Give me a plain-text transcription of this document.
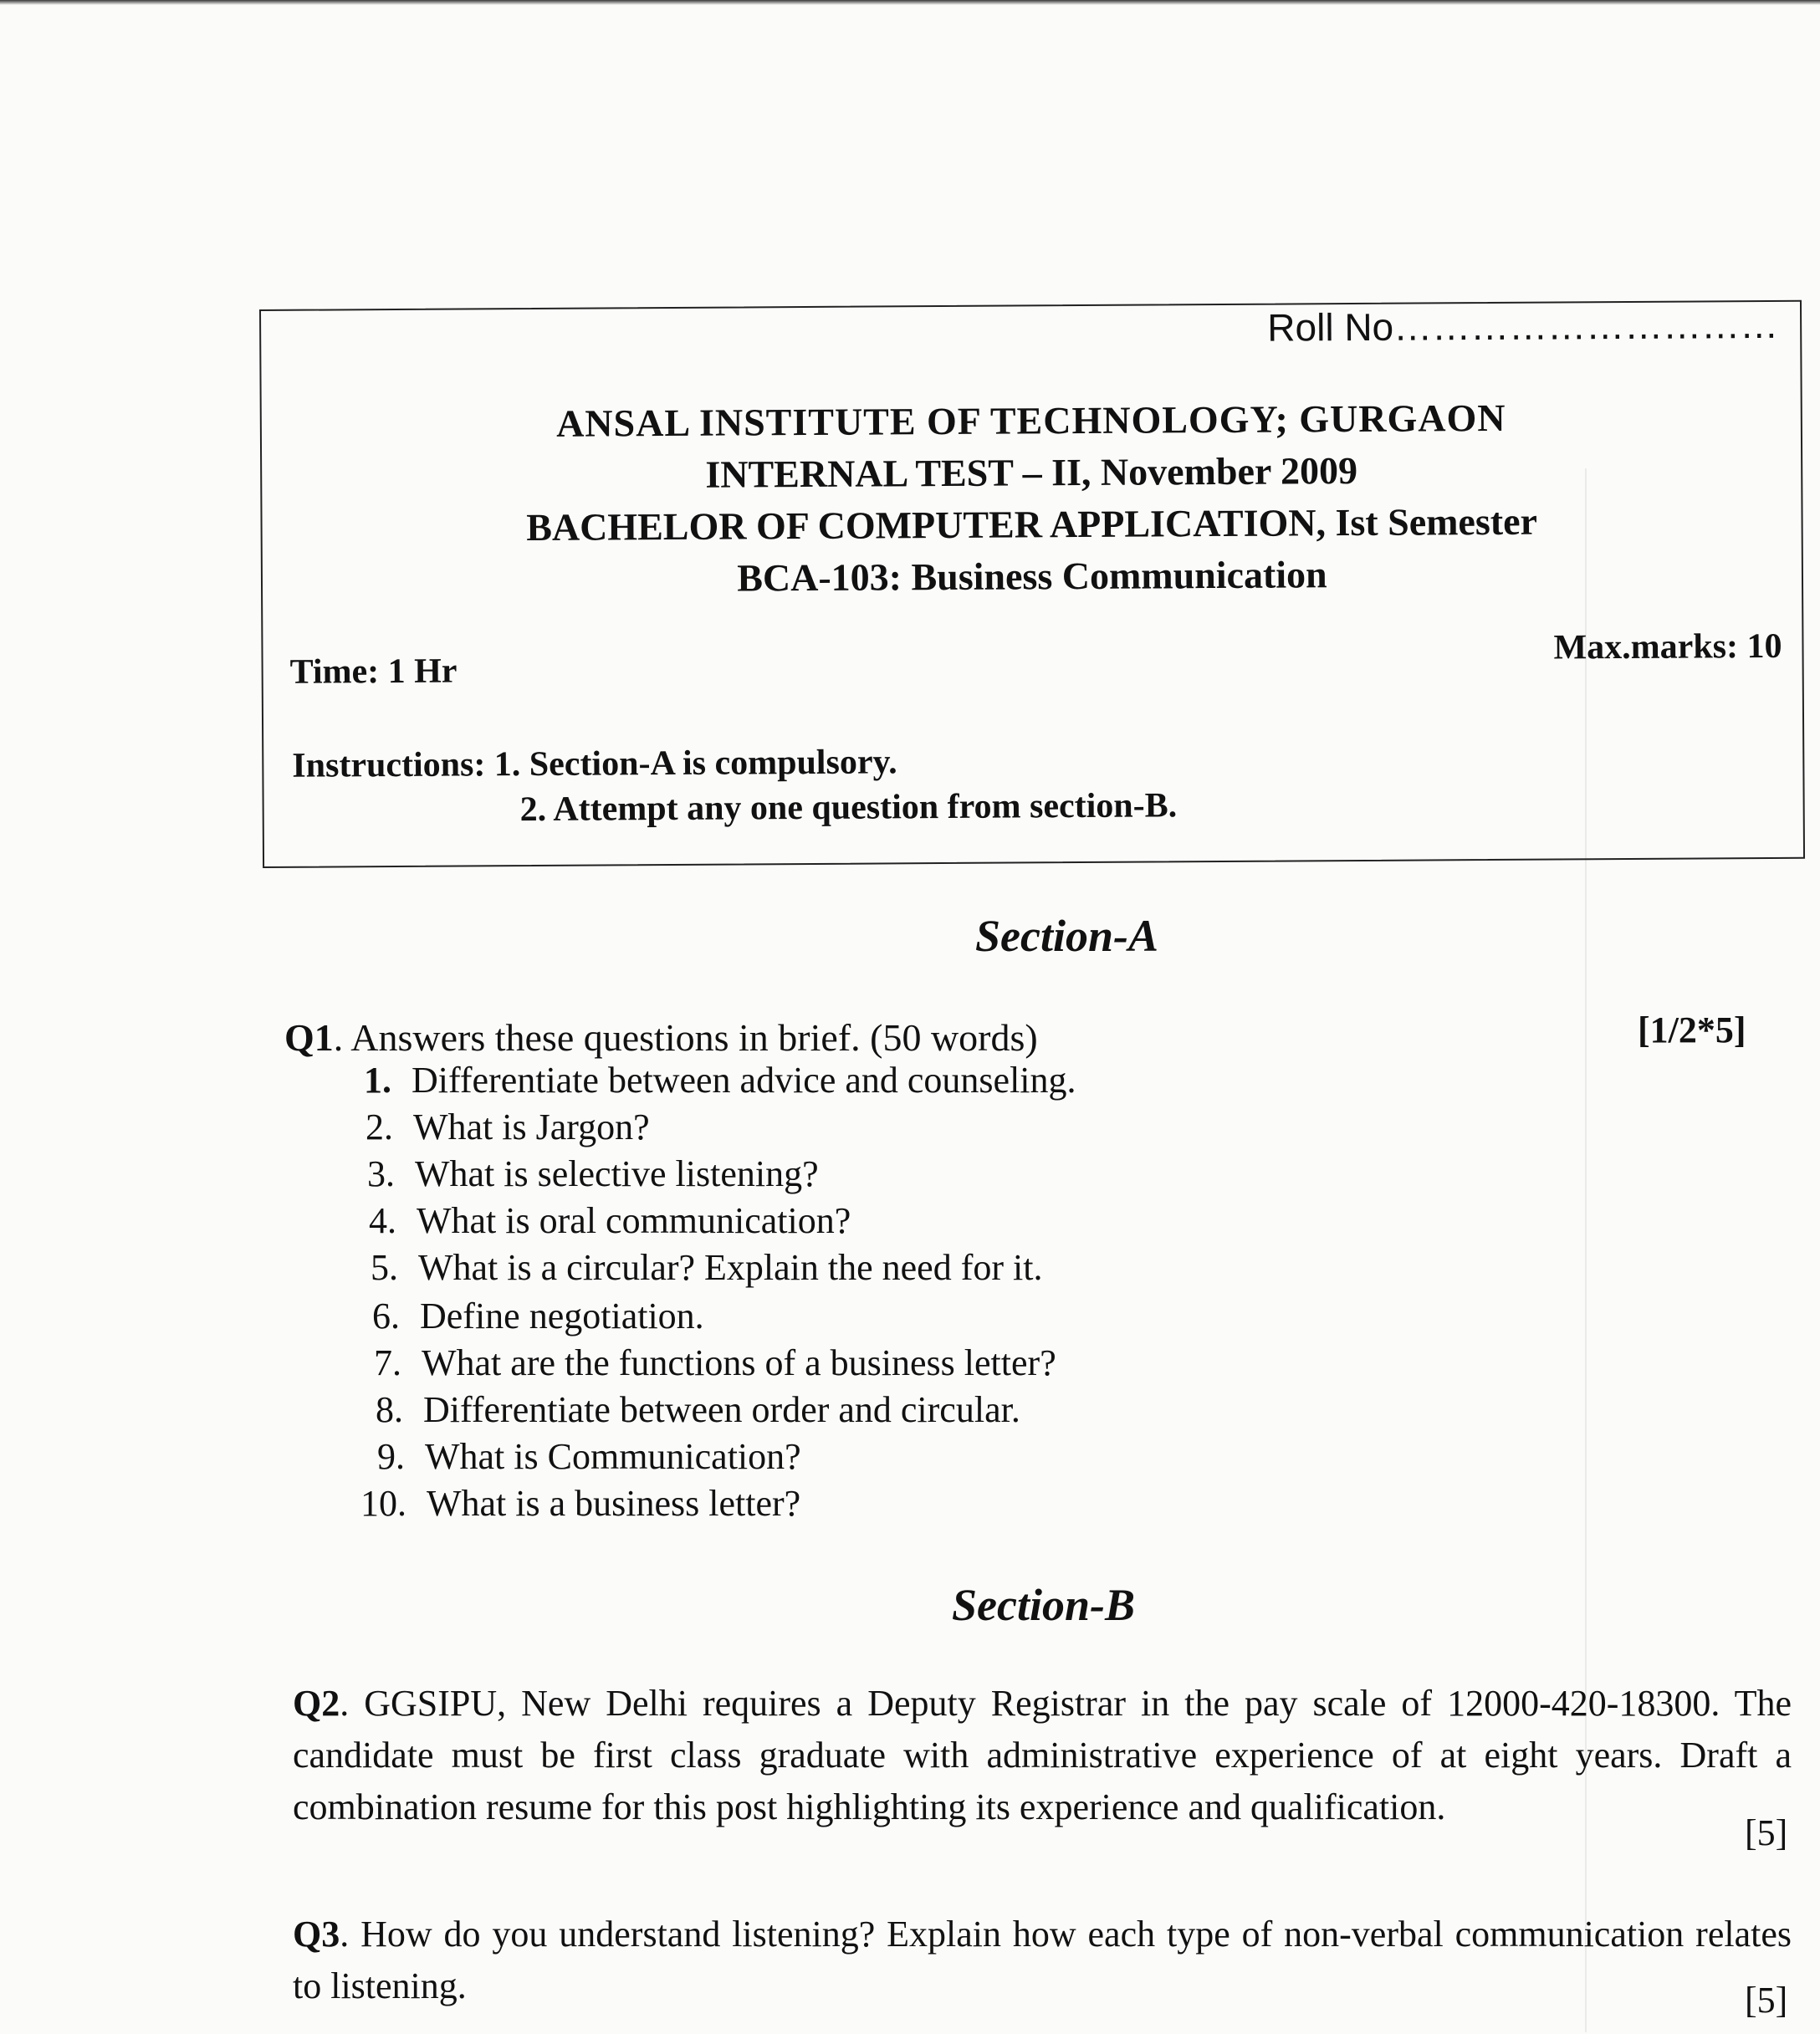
Roll No…………………………
ANSAL INSTITUTE OF TECHNOLOGY; GURGAON
INTERNAL TEST – II, November 2009
BACHELOR OF COMPUTER APPLICATION, Ist Semester
BCA-103: Business Communication
Time: 1 Hr
Max.marks: 10
Instructions: 1. Section-A is compulsory.
2. Attempt any one question from section-B.
Section-A
Q1. Answers these questions in brief. (50 words)	[1/2*5]
1. Differentiate between advice and counseling.
2. What is Jargon?
3. What is selective listening?
4. What is oral communication?
5. What is a circular? Explain the need for it.
6. Define negotiation.
7. What are the functions of a business letter?
8. Differentiate between order and circular.
9. What is Communication?
10. What is a business letter?
Section-B
Q2. GGSIPU, New Delhi requires a Deputy Registrar in the pay scale of 12000-420-18300. The candidate must be first class graduate with administrative experience of at eight years. Draft a combination resume for this post highlighting its experience and qualification.
[5]
Q3. How do you understand listening? Explain how each type of non-verbal communication relates to listening.	[5]
